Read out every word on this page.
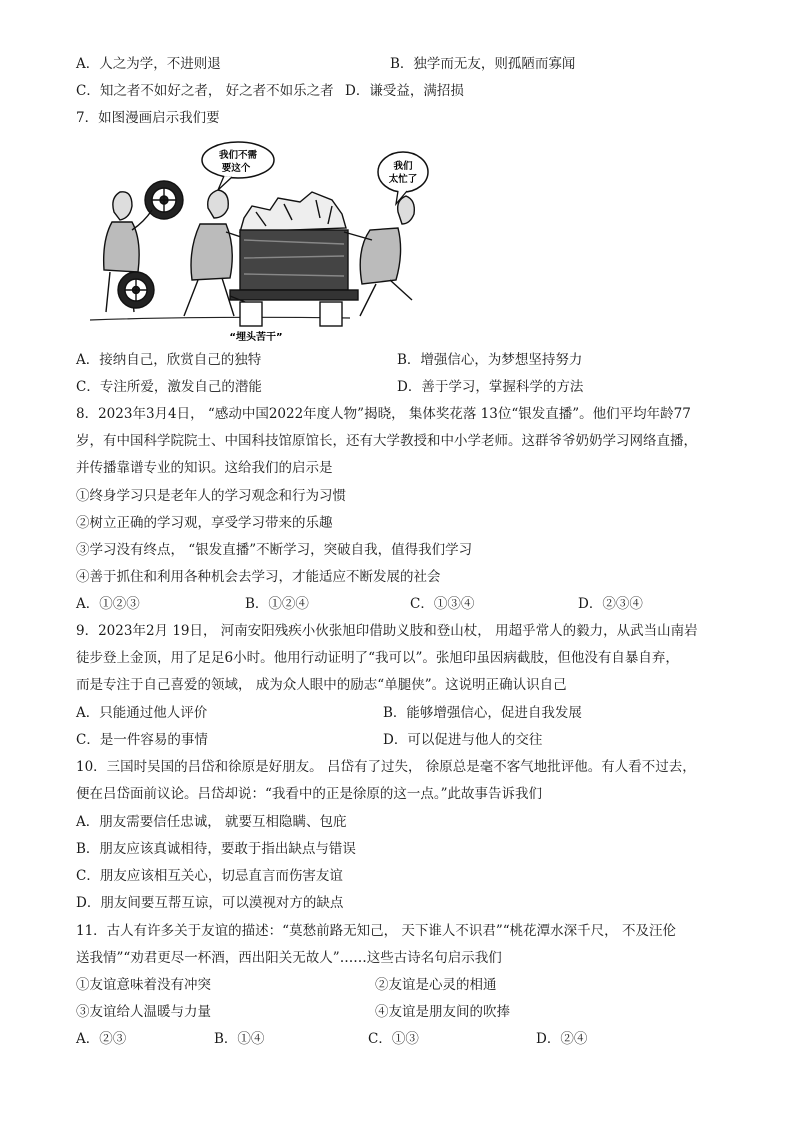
A．人之为学，不进则退	B．独学而无友，则孤陋而寡闻
C．知之者不如好之者， 好之者不如乐之者 D．谦受益，满招损
7．如图漫画启示我们要
我们不需
要这个	我们
太忙了
“埋头苦干”
A．接纳自己，欣赏自己的独特	B．增强信心，为梦想坚持努力
C．专注所爱，激发自己的潜能	D．善于学习，掌握科学的方法
8．2023年3月4日， “感动中国2022年度人物”揭晓， 集体奖花落 13位“银发直播”。他们平均年龄77
岁，有中国科学院院士、中国科技馆原馆长，还有大学教授和中小学老师。这群爷爷奶奶学习网络直播，
并传播靠谱专业的知识。这给我们的启示是
①终身学习只是老年人的学习观念和行为习惯
②树立正确的学习观，享受学习带来的乐趣
③学习没有终点， “银发直播”不断学习，突破自我，值得我们学习
④善于抓住和利用各种机会去学习，才能适应不断发展的社会
A．①②③	B．①②④	C．①③④	D．②③④
9．2023年2月 19日， 河南安阳残疾小伙张旭印借助义肢和登山杖， 用超乎常人的毅力，从武当山南岩
徒步登上金顶，用了足足6小时。他用行动证明了“我可以”。张旭印虽因病截肢，但他没有自暴自弃，
而是专注于自己喜爱的领域， 成为众人眼中的励志“单腿侠”。这说明正确认识自己
A．只能通过他人评价	B．能够增强信心，促进自我发展
C．是一件容易的事情	D．可以促进与他人的交往
10．三国时吴国的吕岱和徐原是好朋友。 吕岱有了过失， 徐原总是毫不客气地批评他。有人看不过去，
便在吕岱面前议论。吕岱却说：“我看中的正是徐原的这一点。”此故事告诉我们
A．朋友需要信任忠诚， 就要互相隐瞒、包庇
B．朋友应该真诚相待，要敢于指出缺点与错误
C．朋友应该相互关心，切忌直言而伤害友谊
D．朋友间要互帮互谅，可以漠视对方的缺点
11．古人有许多关于友谊的描述：“莫愁前路无知己， 天下谁人不识君”“桃花潭水深千尺， 不及汪伦
送我情”“劝君更尽一杯酒，西出阳关无故人”……这些古诗名句启示我们
①友谊意味着没有冲突	②友谊是心灵的相通
③友谊给人温暖与力量	④友谊是朋友间的吹捧
A．②③	B．①④	C．①③	D．②④
